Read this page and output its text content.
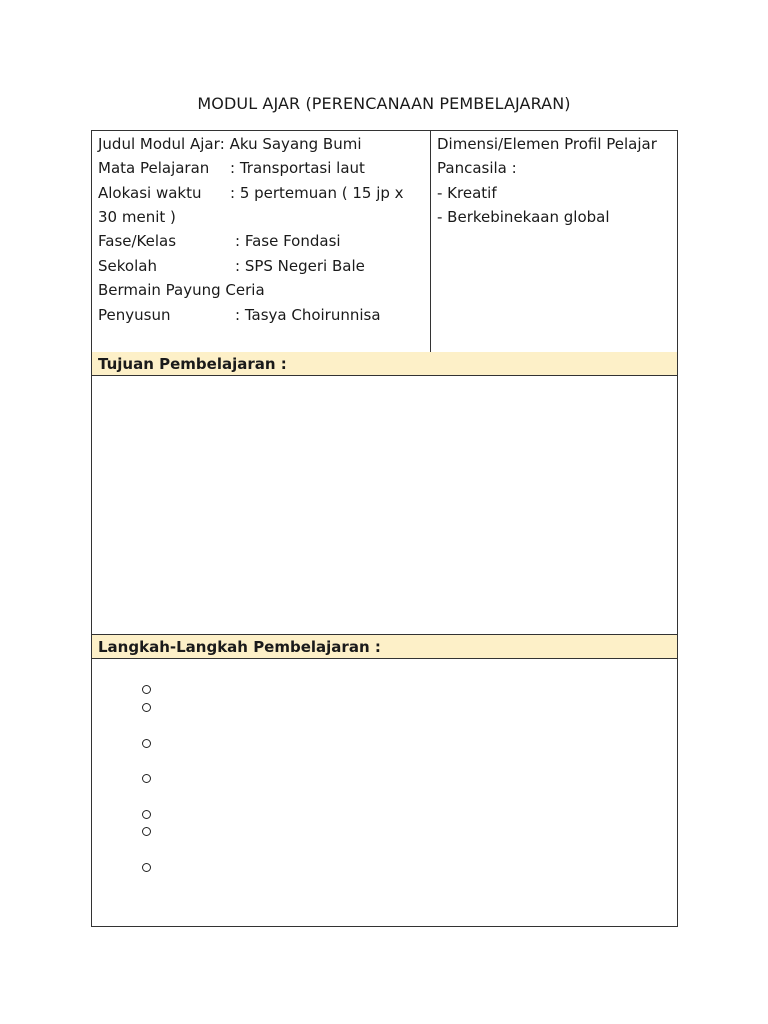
MODUL AJAR (PERENCANAAN PEMBELAJARAN)
Judul Modul Ajar: Aku Sayang Bumi
Mata Pelajaran : Transportasi laut
Alokasi waktu : 5 pertemuan ( 15 jp x
30 menit )
Fase/Kelas	: Fase Fondasi
Sekolah	: SPS Negeri Bale
Bermain Payung Ceria
Penyusun	: Tasya Choirunnisa
Dimensi/Elemen Profil Pelajar
Pancasila :
- Kreatif
- Berkebinekaan global
Tujuan Pembelajaran :
Langkah-Langkah Pembelajaran :
